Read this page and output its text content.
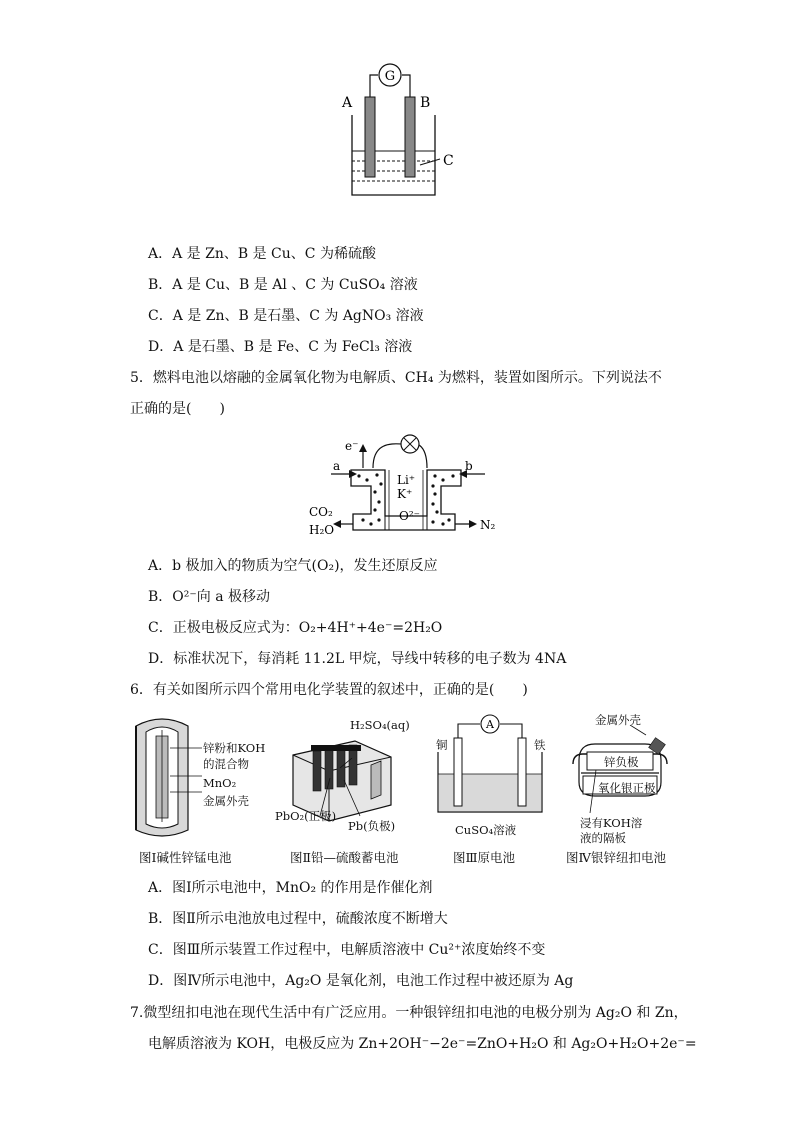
G
A	B
C
A．A 是 Zn、B 是 Cu、C 为稀硫酸
B．A 是 Cu、B 是 Al 、C 为 CuSO₄ 溶液
C．A 是 Zn、B 是石墨、C 为 AgNO₃ 溶液
D．A 是石墨、B 是 Fe、C 为 FeCl₃ 溶液
5．燃料电池以熔融的金属氧化物为电解质、CH₄ 为燃料，装置如图所示。下列说法不
正确的是(　　)
e⁻
Li⁺
K⁺
O²⁻
a	b
CO₂
H₂O	N₂
A．b 极加入的物质为空气(O₂)，发生还原反应
B．O²⁻向 a 极移动
C．正极电极反应式为：O₂+4H⁺+4e⁻=2H₂O
D．标准状况下，每消耗 11.2L 甲烷，导线中转移的电子数为 4NA
6．有关如图所示四个常用电化学装置的叙述中，正确的是(　　)
锌粉和KOH
的混合物
MnO₂
金属外壳
图Ⅰ碱性锌锰电池
H₂SO₄(aq)
PbO₂(正极)
Pb(负极)
图Ⅱ铅—硫酸蓄电池
A
铜	铁
CuSO₄溶液
图Ⅲ原电池
金属外壳
锌负极
氧化银正极
浸有KOH溶
液的隔板
图Ⅳ银锌纽扣电池
A．图Ⅰ所示电池中，MnO₂ 的作用是作催化剂
B．图Ⅱ所示电池放电过程中，硫酸浓度不断增大
C．图Ⅲ所示装置工作过程中，电解质溶液中 Cu²⁺浓度始终不变
D．图Ⅳ所示电池中，Ag₂O 是氧化剂，电池工作过程中被还原为 Ag
7.微型纽扣电池在现代生活中有广泛应用。一种银锌纽扣电池的电极分别为 Ag₂O 和 Zn，
电解质溶液为 KOH，电极反应为 Zn+2OH⁻−2e⁻=ZnO+H₂O 和 Ag₂O+H₂O+2e⁻=
